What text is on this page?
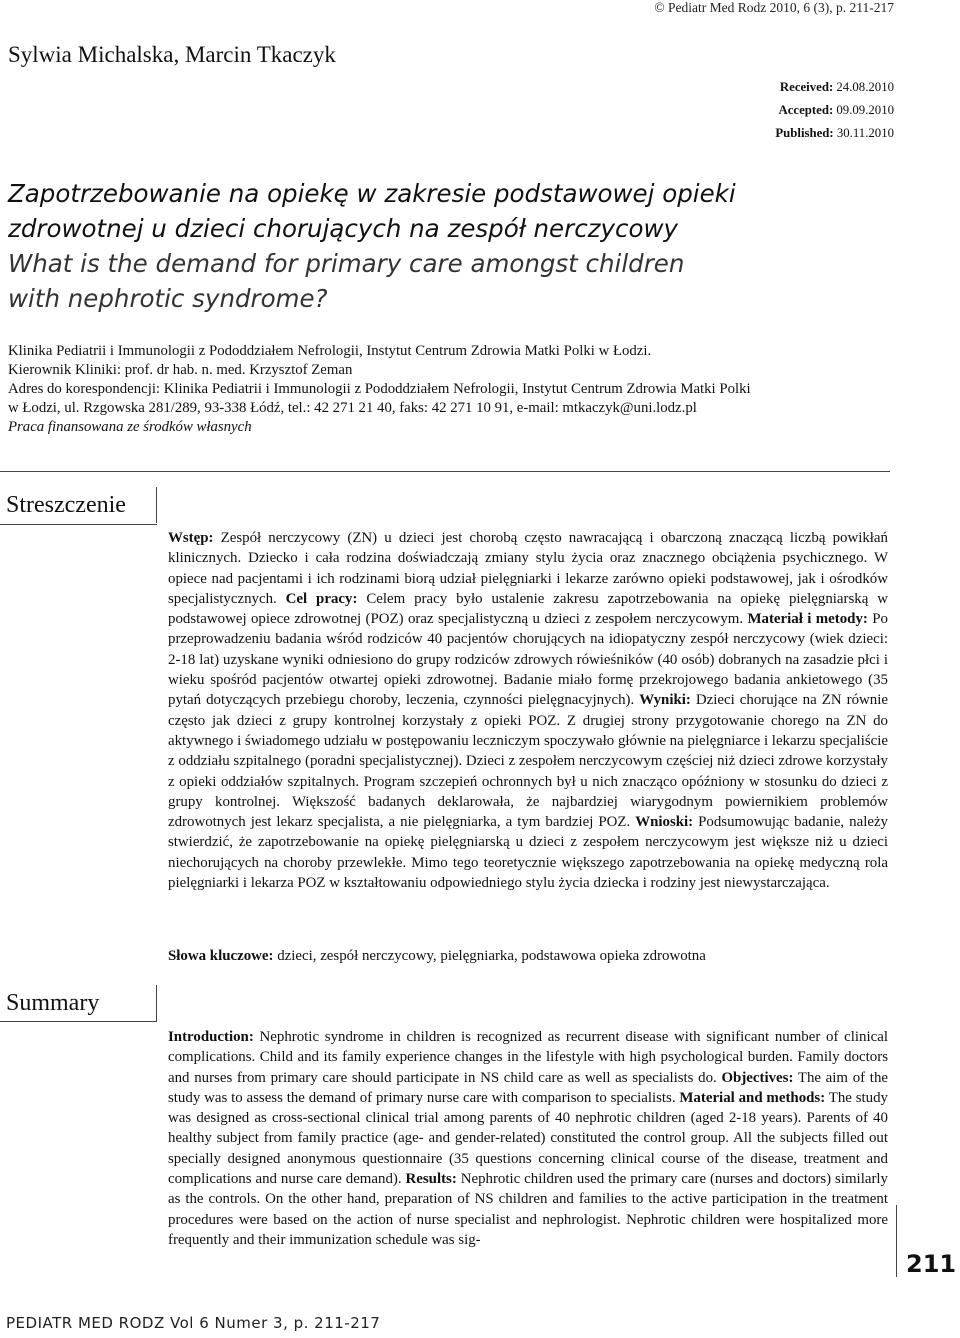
© Pediatr Med Rodz 2010, 6 (3), p. 211-217
Sylwia Michalska, Marcin Tkaczyk
Received: 24.08.2010
Accepted: 09.09.2010
Published: 30.11.2010
Zapotrzebowanie na opiekę w zakresie podstawowej opieki
zdrowotnej u dzieci chorujących na zespół nerczycowy
What is the demand for primary care amongst children
with nephrotic syndrome?

Klinika Pediatrii i Immunologii z Pododdziałem Nefrologii, Instytut Centrum Zdrowia Matki Polki w Łodzi.

Kierownik Kliniki: prof. dr hab. n. med. Krzysztof Zeman

Adres do korespondencji: Klinika Pediatrii i Immunologii z Pododdziałem Nefrologii, Instytut Centrum Zdrowia Matki Polki

w Łodzi, ul. Rzgowska 281/289, 93-338 Łódź, tel.: 42 271 21 40, faks: 42 271 10 91, e-mail: mtkaczyk@uni.lodz.pl

Praca finansowana ze środków własnych

Streszczenie
Wstęp: Zespół nerczycowy (ZN) u dzieci jest chorobą często nawracającą i obarczoną znaczącą liczbą powikłań klinicznych. Dziecko i cała rodzina doświadczają zmiany stylu życia oraz znacznego obciążenia psychicznego. W opiece nad pacjentami i ich rodzinami biorą udział pielęgniarki i lekarze zarówno opieki podstawowej, jak i ośrodków specjalistycznych. Cel pracy: Celem pracy było ustalenie zakresu zapotrzebowania na opiekę pielęgniarską w podstawowej opiece zdrowotnej (POZ) oraz specjalistyczną u dzieci z zespołem nerczycowym. Materiał i metody: Po przeprowadzeniu badania wśród rodziców 40 pacjentów chorujących na idiopatyczny zespół nerczycowy (wiek dzieci: 2-18 lat) uzyskane wyniki odniesiono do grupy rodziców zdrowych rówieśników (40 osób) dobranych na zasadzie płci i wieku spośród pacjentów otwartej opieki zdrowotnej. Badanie miało formę przekrojowego badania ankietowego (35 pytań dotyczących przebiegu choroby, leczenia, czynności pielęgnacyjnych). Wyniki: Dzieci chorujące na ZN równie często jak dzieci z grupy kontrolnej korzystały z opieki POZ. Z drugiej strony przygotowanie chorego na ZN do aktywnego i świadomego udziału w postępowaniu leczniczym spoczywało głównie na pielęgniarce i lekarzu specjaliście z oddziału szpitalnego (poradni specjalistycznej). Dzieci z zespołem nerczycowym częściej niż dzieci zdrowe korzystały z opieki oddziałów szpitalnych. Program szczepień ochronnych był u nich znacząco opóźniony w stosunku do dzieci z grupy kontrolnej. Większość badanych deklarowała, że najbardziej wiarygodnym powiernikiem problemów zdrowotnych jest lekarz specjalista, a nie pielęgniarka, a tym bardziej POZ. Wnioski: Podsumowując badanie, należy stwierdzić, że zapotrzebowanie na opiekę pielęgniarską u dzieci z zespołem nerczycowym jest większe niż u dzieci niechorujących na choroby przewlekłe. Mimo tego teoretycznie większego zapotrzebowania na opiekę medyczną rola pielęgniarki i lekarza POZ w kształtowaniu odpowiedniego stylu życia dziecka i rodziny jest niewystarczająca.
Słowa kluczowe: dzieci, zespół nerczycowy, pielęgniarka, podstawowa opieka zdrowotna
Summary
Introduction: Nephrotic syndrome in children is recognized as recurrent disease with significant number of clinical complications. Child and its family experience changes in the lifestyle with high psychological burden. Family doctors and nurses from primary care should participate in NS child care as well as specialists do. Objectives: The aim of the study was to assess the demand of primary nurse care with comparison to specialists. Material and methods: The study was designed as cross-sectional clinical trial among parents of 40 nephrotic children (aged 2-18 years). Parents of 40 healthy subject from family practice (age- and gender-related) constituted the control group. All the subjects filled out specially designed anonymous questionnaire (35 questions concerning clinical course of the disease, treatment and complications and nurse care demand). Results: Nephrotic children used the primary care (nurses and doctors) similarly as the controls. On the other hand, preparation of NS children and families to the active participation in the treatment procedures were based on the action of nurse specialist and nephrologist. Nephrotic children were hospitalized more frequently and their immunization schedule was sig-
211
PEDIATR MED RODZ Vol 6 Numer 3, p. 211-217
